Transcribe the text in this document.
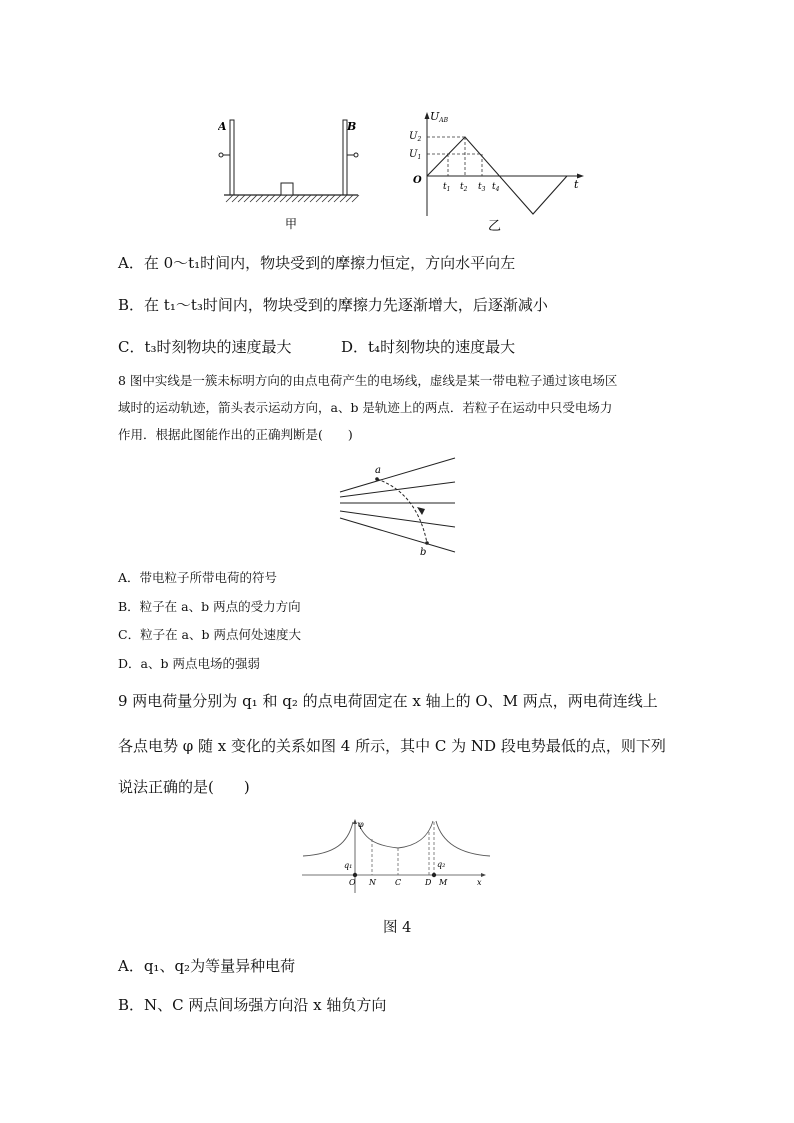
A	B
甲
UAB
$U_2$
$U_1$
O	t
$t_1$ $t_2$ $t_3$ $t_4$
乙
A．在 0～t₁时间内，物块受到的摩擦力恒定，方向水平向左
B．在 t₁～t₃时间内，物块受到的摩擦力先逐渐增大，后逐渐减小
C．t₃时刻物块的速度最大	D．t₄时刻物块的速度最大
8 图中实线是一簇未标明方向的由点电荷产生的电场线，虚线是某一带电粒子通过该电场区
域时的运动轨迹，箭头表示运动方向，a、b 是轨迹上的两点．若粒子在运动中只受电场力
作用．根据此图能作出的正确判断是(　　)
a
b
A．带电粒子所带电荷的符号
B．粒子在 a、b 两点的受力方向
C．粒子在 a、b 两点何处速度大
D．a、b 两点电场的强弱
9 两电荷量分别为 q₁ 和 q₂ 的点电荷固定在 x 轴上的 O、M 两点，两电荷连线上
各点电势 φ 随 x 变化的关系如图 4 所示，其中 C 为 ND 段电势最低的点，则下列
说法正确的是(　　)
φ
q₁	q₂
O N C	D M	x
图 4
A．q₁、q₂为等量异种电荷
B．N、C 两点间场强方向沿 x 轴负方向
